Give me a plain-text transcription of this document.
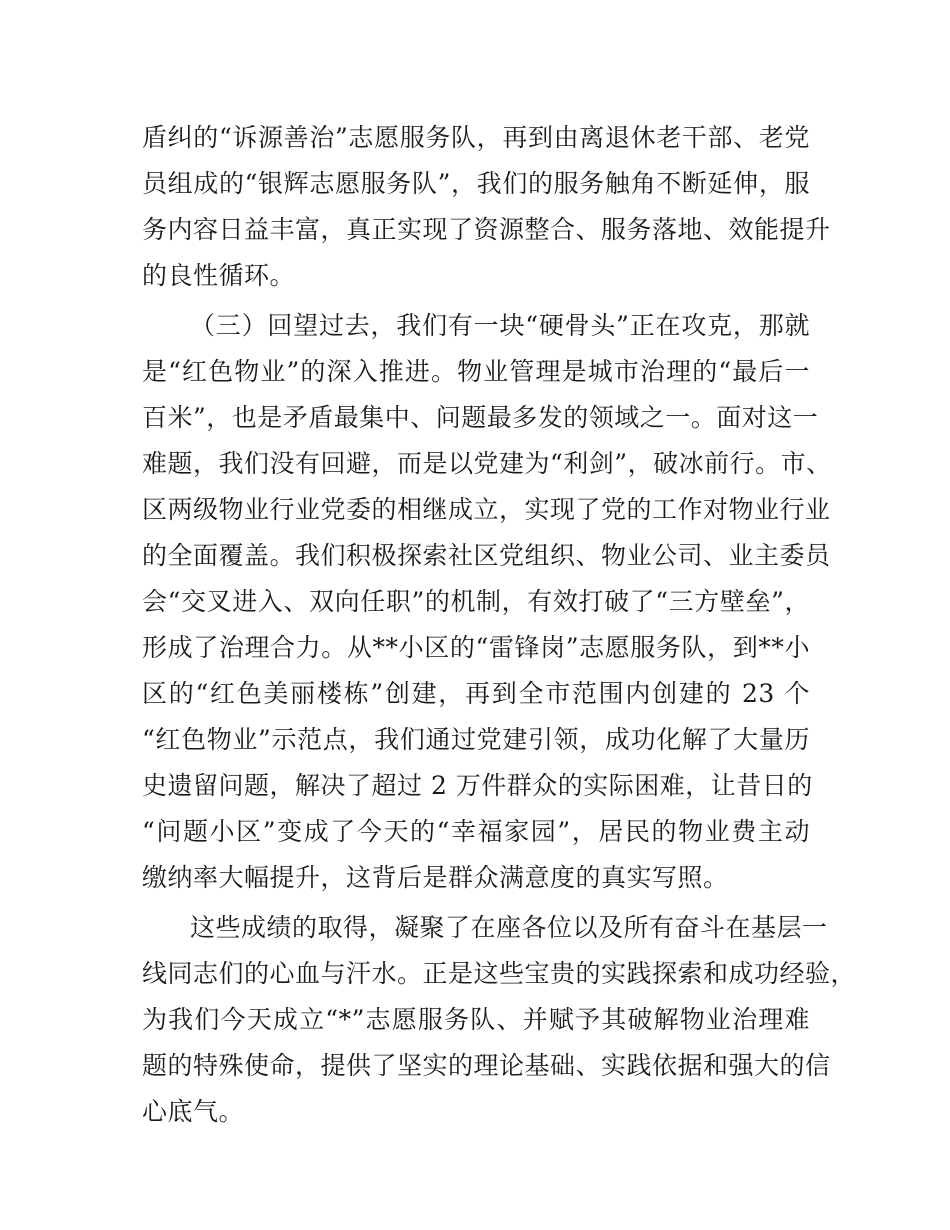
盾纠的“诉源善治”志愿服务队，再到由离退休老干部、老党

员组成的“银辉志愿服务队”，我们的服务触角不断延伸，服

务内容日益丰富，真正实现了资源整合、服务落地、效能提升

的良性循环。

（三）回望过去，我们有一块“硬骨头”正在攻克，那就

是“红色物业”的深入推进。物业管理是城市治理的“最后一

百米”，也是矛盾最集中、问题最多发的领域之一。面对这一

难题，我们没有回避，而是以党建为“利剑”，破冰前行。市、

区两级物业行业党委的相继成立，实现了党的工作对物业行业

的全面覆盖。我们积极探索社区党组织、物业公司、业主委员

会“交叉进入、双向任职”的机制，有效打破了“三方壁垒”，

形成了治理合力。从**小区的“雷锋岗”志愿服务队，到**小

区的“红色美丽楼栋”创建，再到全市范围内创建的 23 个

“红色物业”示范点，我们通过党建引领，成功化解了大量历

史遗留问题，解决了超过 2 万件群众的实际困难，让昔日的

“问题小区”变成了今天的“幸福家园”，居民的物业费主动

缴纳率大幅提升，这背后是群众满意度的真实写照。

这些成绩的取得，凝聚了在座各位以及所有奋斗在基层一

线同志们的心血与汗水。正是这些宝贵的实践探索和成功经验，

为我们今天成立“*”志愿服务队、并赋予其破解物业治理难

题的特殊使命，提供了坚实的理论基础、实践依据和强大的信

心底气。
